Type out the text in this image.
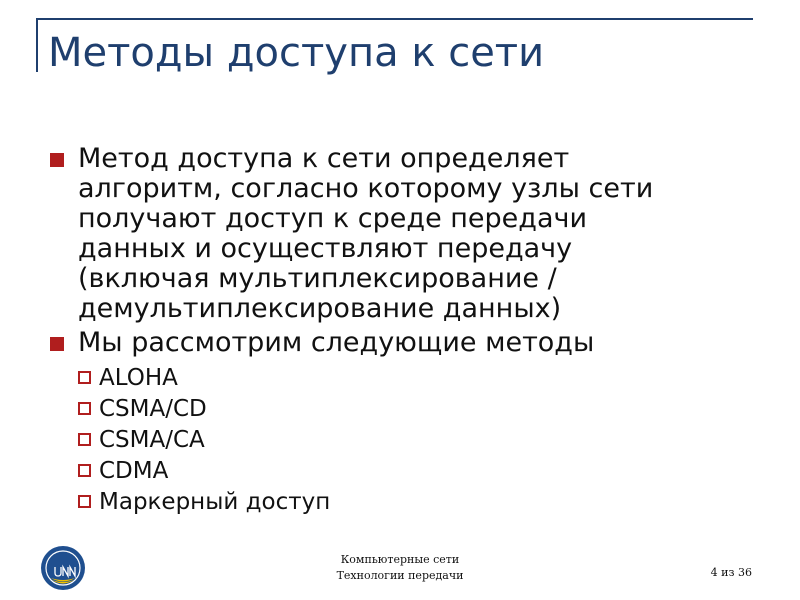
Методы доступа к сети
Метод доступа к сети определяет алгоритм, согласно которому узлы сети получают доступ к среде передачи данных и осуществляют передачу (включая мультиплексирование / демультиплексирование данных)
Мы рассмотрим следующие методы
ALOHA
CSMA/CD
CSMA/CA
CDMA
Маркерный доступ
Компьютерные сети
Технологии передачи	4 из 36
